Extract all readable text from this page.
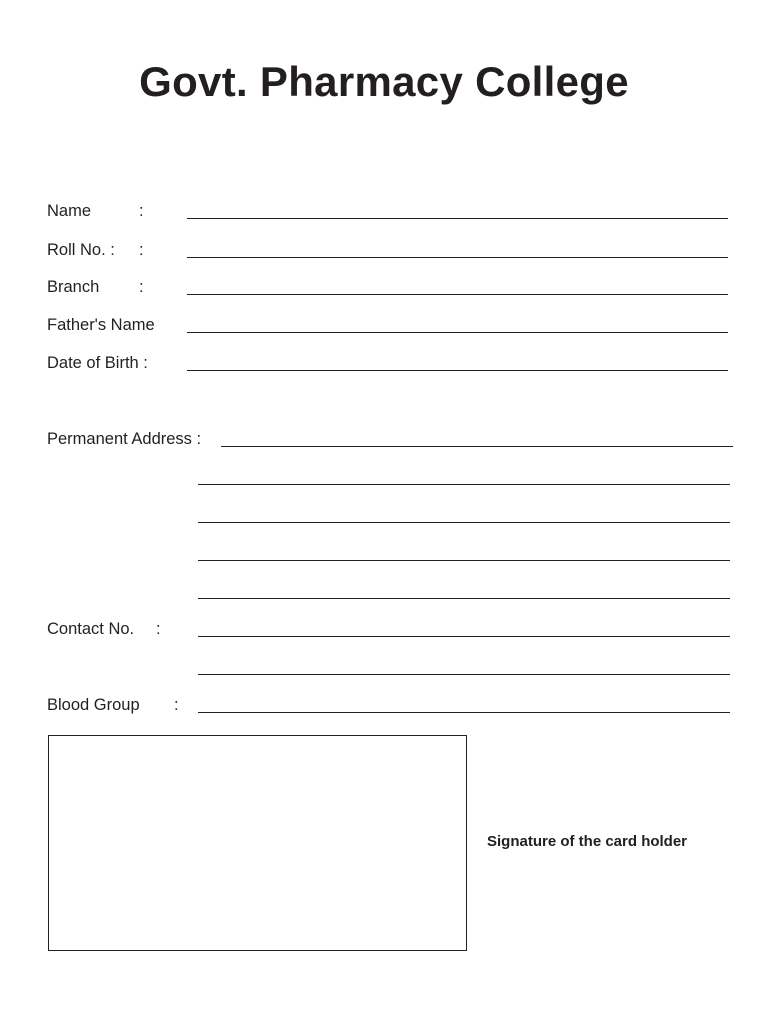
Govt. Pharmacy College
Name	:
Roll No. : :
Branch :
Father's Name
Date of Birth :
Permanent Address :
Contact No. :
Blood Group :
Signature of the card holder
